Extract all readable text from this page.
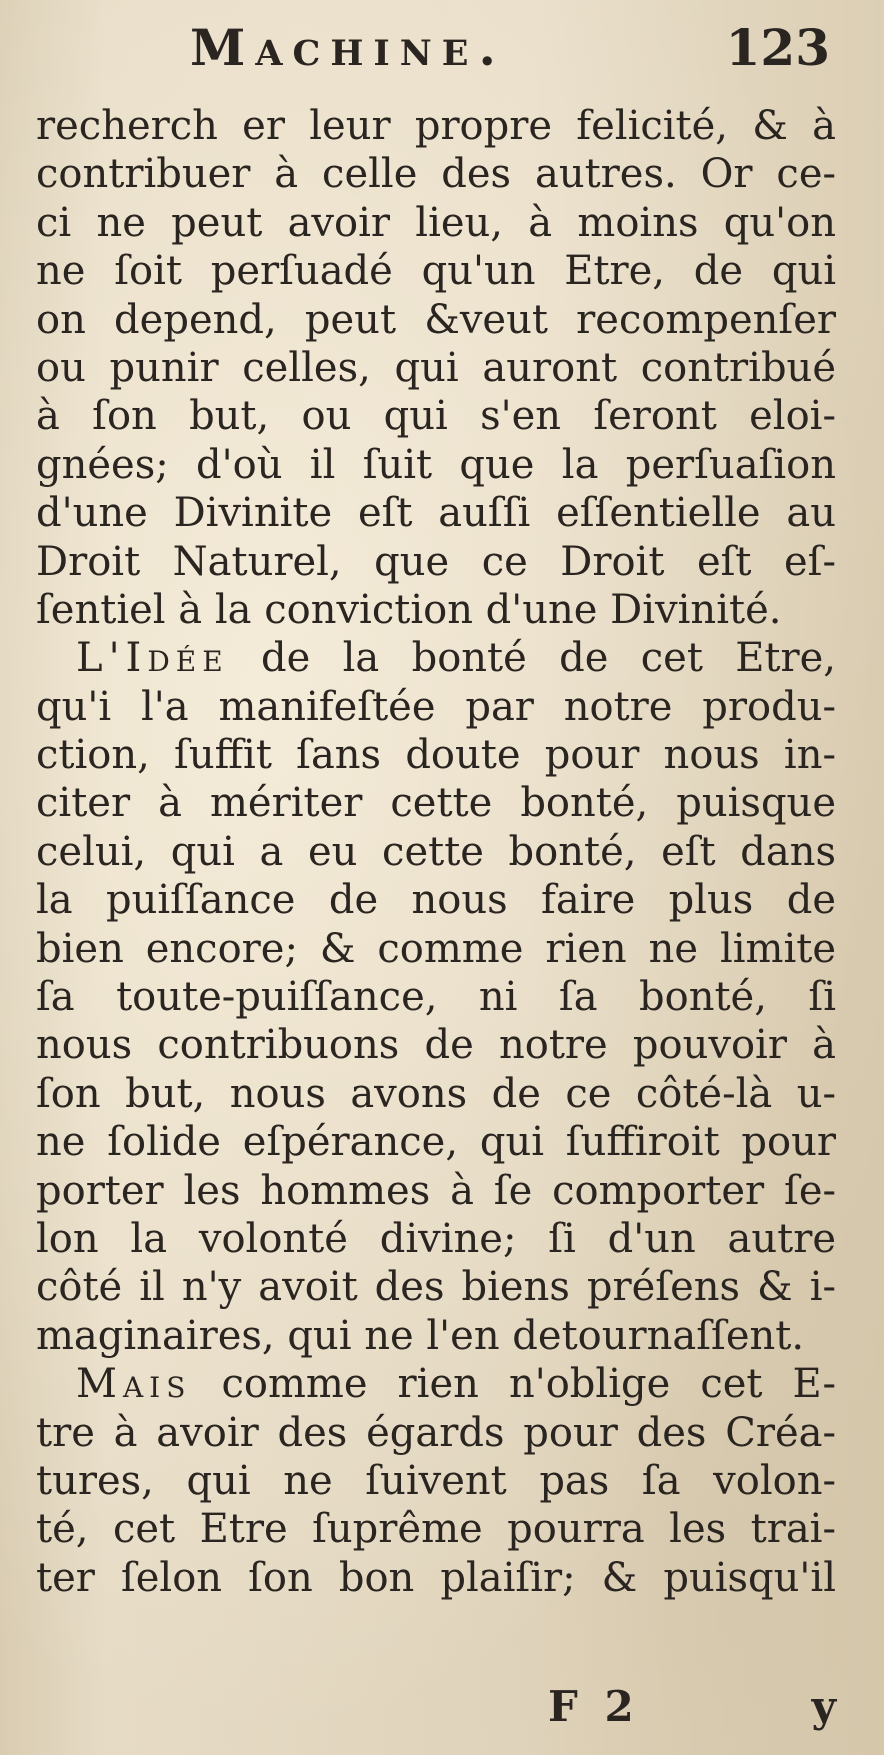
Machine.	123
recherch er leur propre felicité, & à
contribuer à celle des autres. Or ce-
ci ne peut avoir lieu, à moins qu'on
ne ſoit perſuadé qu'un Etre, de qui
on depend, peut &veut recompenſer
ou punir celles, qui auront contribué
à ſon but, ou qui s'en ſeront eloi-
gnées; d'où il ſuit que la perſuaſion
d'une Divinite eſt auſſi eſſentielle au
Droit Naturel, que ce Droit eſt eſ-
ſentiel à la conviction d'une Divinité.
L'Idée de la bonté de cet Etre,
qu'i l'a manifeſtée par notre produ-
ction, ſuffit ſans doute pour nous in-
citer à mériter cette bonté, puisque
celui, qui a eu cette bonté, eſt dans
la puiſſance de nous faire plus de
bien encore; & comme rien ne limite
ſa toute-puiſſance, ni ſa bonté, ſi
nous contribuons de notre pouvoir à
ſon but, nous avons de ce côté-là u-
ne ſolide eſpérance, qui ſuffiroit pour
porter les hommes à ſe comporter ſe-
lon la volonté divine; ſi d'un autre
côté il n'y avoit des biens préſens & i-
maginaires, qui ne l'en detournaſſent.
Mais comme rien n'oblige cet E-
tre à avoir des égards pour des Créa-
tures, qui ne ſuivent pas ſa volon-
té, cet Etre ſuprême pourra les trai-
ter ſelon ſon bon plaiſir; & puisqu'il
F 2	y
